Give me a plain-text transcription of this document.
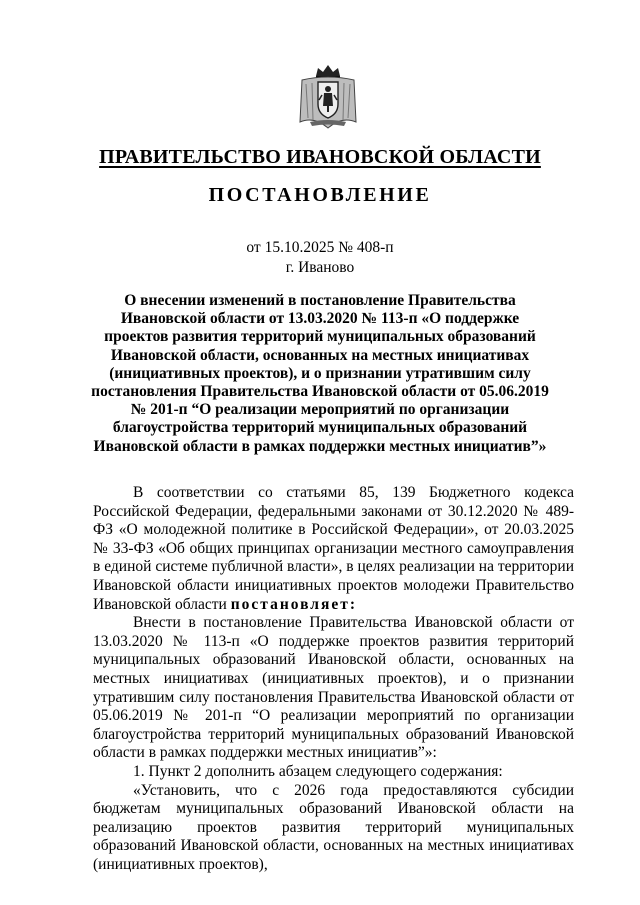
ПРАВИТЕЛЬСТВО ИВАНОВСКОЙ ОБЛАСТИ
ПОСТАНОВЛЕНИЕ
от 15.10.2025 № 408-п
г. Иваново

О внесении изменений в постановление Правительства Ивановской области от 13.03.2020 № 113-п «О поддержке проектов развития территорий муниципальных образований Ивановской области, основанных на местных инициативах (инициативных проектов), и о признании утратившим силу постановления Правительства Ивановской области от 05.06.2019 № 201-п “О реализации мероприятий по организации благоустройства территорий муниципальных образований Ивановской области в рамках поддержки местных инициатив”»

В соответствии со статьями 85, 139 Бюджетного кодекса Российской Федерации, федеральными законами от 30.12.2020 № 489-ФЗ «О молодежной политике в Российской Федерации», от 20.03.2025 № 33-ФЗ «Об общих принципах организации местного самоуправления в единой системе публичной власти», в целях реализации на территории Ивановской области инициативных проектов молодежи Правительство Ивановской области постановляет:

Внести в постановление Правительства Ивановской области от 13.03.2020 № 113-п «О поддержке проектов развития территорий муниципальных образований Ивановской области, основанных на местных инициативах (инициативных проектов), и о признании утратившим силу постановления Правительства Ивановской области от 05.06.2019 № 201-п “О реализации мероприятий по организации благоустройства территорий муниципальных образований Ивановской области в рамках поддержки местных инициатив”»:

1. Пункт 2 дополнить абзацем следующего содержания:

«Установить, что с 2026 года предоставляются субсидии бюджетам муниципальных образований Ивановской области на реализацию проектов развития территорий муниципальных образований Ивановской области, основанных на местных инициативах (инициативных проектов),
